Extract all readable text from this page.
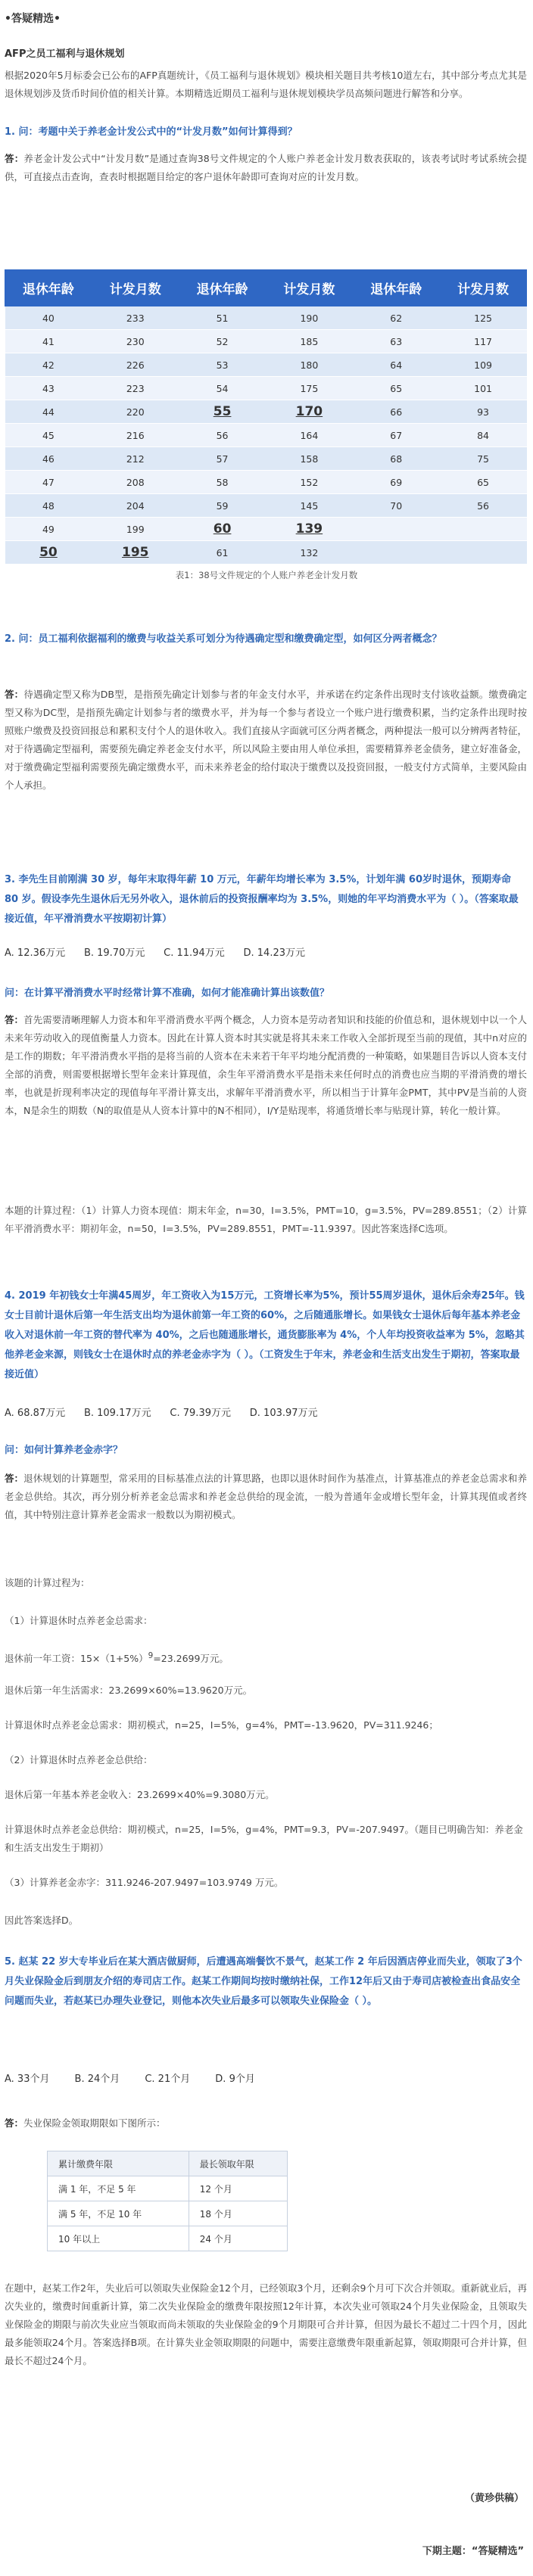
•答疑精选•
AFP之员工福利与退休规划
根据2020年5月标委会已公布的AFP真题统计，《员工福利与退休规划》模块相关题目共考核10道左右，其中部分考点尤其是退休规划涉及货币时间价值的相关计算。本期精选近期员工福利与退休规划模块学员高频问题进行解答和分享。
1. 问：考题中关于养老金计发公式中的“计发月数”如何计算得到？
答：养老金计发公式中“计发月数”是通过查询38号文件规定的个人账户养老金计发月数表获取的，该表考试时考试系统会提供，可直接点击查询，查表时根据题目给定的客户退休年龄即可查询对应的计发月数。
退休年龄	计发月数	退休年龄	计发月数	退休年龄	计发月数
40	233	51	190	62	125
41	230	52	185	63	117
42	226	53	180	64	109
43	223	54	175	65	101
44	220	55	170	66	93
45	216	56	164	67	84
46	212	57	158	68	75
47	208	58	152	69	65
48	204	59	145	70	56
49	199	60	139		
50	195	61	132		
表1：38号文件规定的个人账户养老金计发月数
2. 问：员工福利依据福利的缴费与收益关系可划分为待遇确定型和缴费确定型，如何区分两者概念？
答：待遇确定型又称为DB型，是指预先确定计划参与者的年金支付水平，并承诺在约定条件出现时支付该收益额。缴费确定型又称为DC型，是指预先确定计划参与者的缴费水平，并为每一个参与者设立一个账户进行缴费积累，当约定条件出现时按照账户缴费及投资回报总和累积支付个人的退休收入。我们直接从字面就可区分两者概念，两种提法一般可以分辨两者特征，对于待遇确定型福利，需要预先确定养老金支付水平，所以风险主要由用人单位承担，需要精算养老金债务，建立好准备金，对于缴费确定型福利需要预先确定缴费水平，而未来养老金的给付取决于缴费以及投资回报，一般支付方式简单，主要风险由个人承担。
3. 李先生目前刚满 30 岁，每年末取得年薪 10 万元，年薪年均增长率为 3.5%，计划年满 60岁时退休，预期寿命 80 岁。假设李先生退休后无另外收入，退休前后的投资报酬率均为 3.5%，则她的年平均消费水平为（ ）。（答案取最接近值，年平滑消费水平按期初计算）
A. 12.36万元 B. 19.70万元 C. 11.94万元 D. 14.23万元
问：在计算平滑消费水平时经常计算不准确，如何才能准确计算出该数值？
答：首先需要清晰理解人力资本和年平滑消费水平两个概念，人力资本是劳动者知识和技能的价值总和，退休规划中以一个人未来年劳动收入的现值衡量人力资本。因此在计算人资本时其实就是将其未来工作收入全部折现至当前的现值，其中n对应的是工作的期数；年平滑消费水平指的是将当前的人资本在未来若干年平均地分配消费的一种策略，如果题目告诉以人资本支付全部的消费，则需要根据增长型年金来计算现值，余生年平滑消费水平是指未来任何时点的消费也应当期的平滑消费的增长率，也就是折现利率决定的现值每年平滑计算支出，求解年平滑消费水平，所以相当于计算年金PMT，其中PV是当前的人资本，N是余生的期数（N的取值是从人资本计算中的N不相同），I/Y是贴现率，将通货增长率与贴现计算，转化一般计算。
本题的计算过程：（1）计算人力资本现值：期末年金，n=30，I=3.5%，PMT=10，g=3.5%，PV=289.8551；（2）计算年平滑消费水平：期初年金，n=50，I=3.5%，PV=289.8551，PMT=-11.9397。因此答案选择C选项。
4. 2019 年初钱女士年满45周岁，年工资收入为15万元，工资增长率为5%，预计55周岁退休，退休后余寿25年。钱女士目前计退休后第一年生活支出均为退休前第一年工资的60%，之后随通胀增长。如果钱女士退休后每年基本养老金收入对退休前一年工资的替代率为 40%，之后也随通胀增长，通货膨胀率为 4%，个人年均投资收益率为 5%，忽略其他养老金来源，则钱女士在退休时点的养老金赤字为（ ）。（工资发生于年末，养老金和生活支出发生于期初，答案取最接近值）
A. 68.87万元 B. 109.17万元 C. 79.39万元 D. 103.97万元
问：如何计算养老金赤字？
答：退休规划的计算题型，常采用的目标基准点法的计算思路，也即以退休时间作为基准点，计算基准点的养老金总需求和养老金总供给。其次，再分别分析养老金总需求和养老金总供给的现金流，一般为普通年金或增长型年金，计算其现值或者终值，其中特别注意计算养老金需求一般数以为期初模式。
该题的计算过程为：
（1）计算退休时点养老金总需求：
退休前一年工资：$15\times(1+5\%)^9=23.2699$万元。
退休后第一年生活需求：23.2699×60%=13.9620万元。
计算退休时点养老金总需求：期初模式，n=25，I=5%，g=4%，PMT=-13.9620，PV=311.9246；
（2）计算退休时点养老金总供给：
退休后第一年基本养老金收入：23.2699×40%=9.3080万元。
计算退休时点养老金总供给：期初模式，n=25，I=5%，g=4%，PMT=9.3，PV=-207.9497。（题目已明确告知：养老金和生活支出发生于期初）
（3）计算养老金赤字：311.9246-207.9497=103.9749 万元。
因此答案选择D。
5. 赵某 22 岁大专毕业后在某大酒店做厨师，后遭遇高端餐饮不景气，赵某工作 2 年后因酒店停业而失业，领取了3个月失业保险金后到朋友介绍的寿司店工作。赵某工作期间均按时缴纳社保，工作12年后又由于寿司店被检查出食品安全问题而失业，若赵某已办理失业登记，则他本次失业后最多可以领取失业保险金（ ）。
A. 33个月	B. 24个月	C. 21个月	D. 9个月
答：失业保险金领取期限如下图所示：
累计缴费年限	最长领取年限
满 1 年，不足 5 年	12 个月
满 5 年，不足 10 年	18 个月
10 年以上	24 个月
在题中，赵某工作2年，失业后可以领取失业保险金12个月，已经领取3个月，还剩余9个月可下次合并领取。重新就业后，再次失业的，缴费时间重新计算，第二次失业保险金的缴费年限按照12年计算，本次失业可领取24个月失业保险金，且领取失业保险金的期限与前次失业应当领取而尚未领取的失业保险金的9个月期限可合并计算，但因为最长不超过二十四个月，因此最多能领取24个月。答案选择B项。在计算失业金领取期限的问题中，需要注意缴费年限重新起算，领取期限可合并计算，但最长不超过24个月。
（黄珍供稿）
下期主题：“答疑精选”
